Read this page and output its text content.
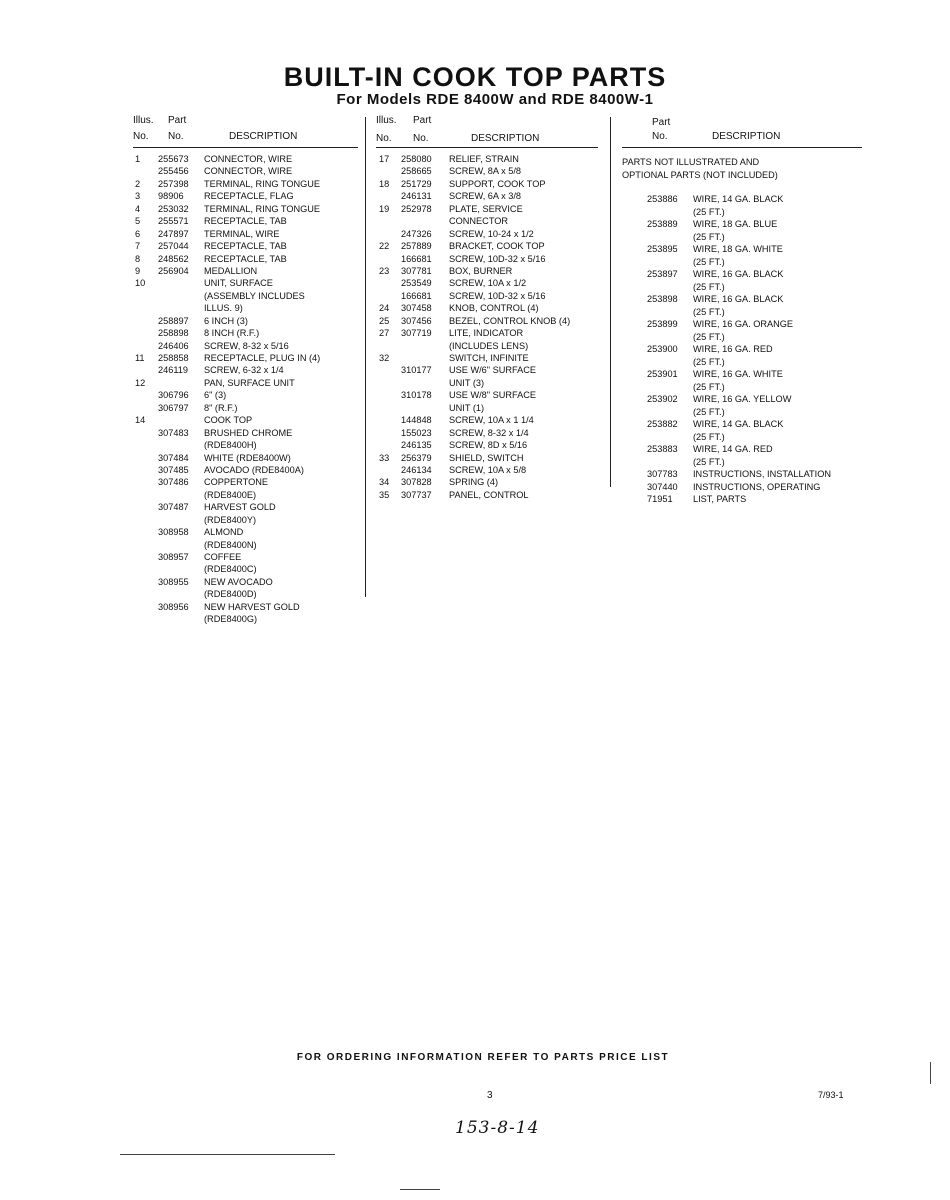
BUILT-IN COOK TOP PARTS
For Models RDE 8400W and RDE 8400W-1
Illus. Part
No. No.	DESCRIPTION
1 255673 CONNECTOR, WIRE
255456 CONNECTOR, WIRE
2 257398 TERMINAL, RING TONGUE
3 98906 RECEPTACLE, FLAG
4 253032 TERMINAL, RING TONGUE
5 255571 RECEPTACLE, TAB
6 247897 TERMINAL, WIRE
7 257044 RECEPTACLE, TAB
8 248562 RECEPTACLE, TAB
9 256904 MEDALLION
10	UNIT, SURFACE
(ASSEMBLY INCLUDES
ILLUS. 9)
258897 6 INCH (3)
258898 8 INCH (R.F.)
246406 SCREW, 8-32 x 5/16
11 258858 RECEPTACLE, PLUG IN (4)
246119 SCREW, 6-32 x 1/4
12	PAN, SURFACE UNIT
306796 6" (3)
306797 8" (R.F.)
14	COOK TOP
307483 BRUSHED CHROME
(RDE8400H)
307484 WHITE (RDE8400W)
307485 AVOCADO (RDE8400A)
307486 COPPERTONE
(RDE8400E)
307487 HARVEST GOLD
(RDE8400Y)
308958 ALMOND
(RDE8400N)
308957 COFFEE
(RDE8400C)
308955 NEW AVOCADO
(RDE8400D)
308956 NEW HARVEST GOLD
(RDE8400G)
Illus. Part
No. No.	DESCRIPTION
17 258080 RELIEF, STRAIN
258665 SCREW, 8A x 5/8
18 251729 SUPPORT, COOK TOP
246131 SCREW, 6A x 3/8
19 252978 PLATE, SERVICE
CONNECTOR
247326 SCREW, 10-24 x 1/2
22 257889 BRACKET, COOK TOP
166681 SCREW, 10D-32 x 5/16
23 307781 BOX, BURNER
253549 SCREW, 10A x 1/2
166681 SCREW, 10D-32 x 5/16
24 307458 KNOB, CONTROL (4)
25 307456 BEZEL, CONTROL KNOB (4)
27 307719 LITE, INDICATOR
(INCLUDES LENS)
32	SWITCH, INFINITE
310177 USE W/6" SURFACE
UNIT (3)
310178 USE W/8" SURFACE
UNIT (1)
144848 SCREW, 10A x 1 1/4
155023 SCREW, 8-32 x 1/4
246135 SCREW, 8D x 5/16
33 256379 SHIELD, SWITCH
246134 SCREW, 10A x 5/8
34 307828 SPRING (4)
35 307737 PANEL, CONTROL
Part
No.	DESCRIPTION
PARTS NOT ILLUSTRATED AND
OPTIONAL PARTS (NOT INCLUDED)
253886 WIRE, 14 GA. BLACK
(25 FT.)
253889 WIRE, 18 GA. BLUE
(25 FT.)
253895 WIRE, 18 GA. WHITE
(25 FT.)
253897 WIRE, 16 GA. BLACK
(25 FT.)
253898 WIRE, 16 GA. BLACK
(25 FT.)
253899 WIRE, 16 GA. ORANGE
(25 FT.)
253900 WIRE, 16 GA. RED
(25 FT.)
253901 WIRE, 16 GA. WHITE
(25 FT.)
253902 WIRE, 16 GA. YELLOW
(25 FT.)
253882 WIRE, 14 GA. BLACK
(25 FT.)
253883 WIRE, 14 GA. RED
(25 FT.)
307783 INSTRUCTIONS, INSTALLATION
307440 INSTRUCTIONS, OPERATING
71951 LIST, PARTS
FOR ORDERING INFORMATION REFER TO PARTS PRICE LIST
3	7/93-1
153-8-14
